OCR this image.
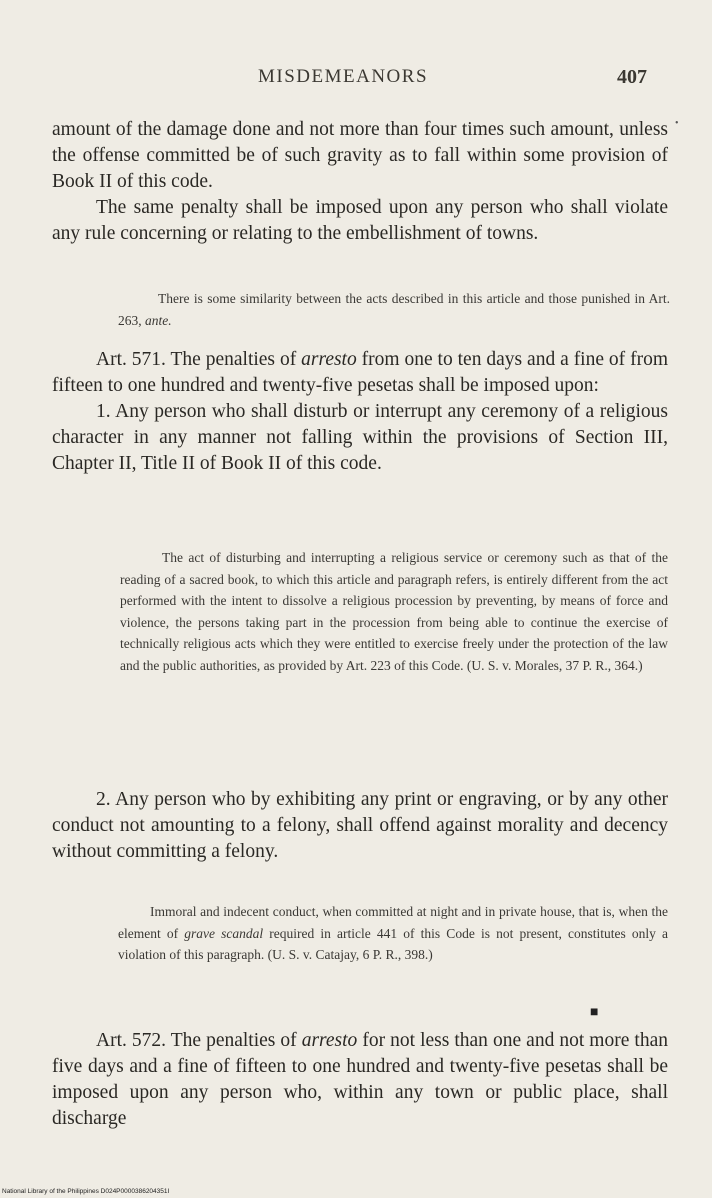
MISDEMEANORS	407

amount of the damage done and not more than four times such amount, unless the offense committed be of such gravity as to fall within some provision of Book II of this code.

The same penalty shall be imposed upon any person who shall violate any rule concerning or relating to the embellishment of towns.

There is some similarity between the acts described in this article and those punished in Art. 263, ante.

Art. 571. The penalties of arresto from one to ten days and a fine of from fifteen to one hundred and twenty-five pesetas shall be imposed upon:

1. Any person who shall disturb or interrupt any ceremony of a religious character in any manner not falling within the provisions of Section III, Chapter II, Title II of Book II of this code.

The act of disturbing and interrupting a religious service or ceremony such as that of the reading of a sacred book, to which this article and paragraph refers, is entirely different from the act performed with the intent to dissolve a religious procession by preventing, by means of force and violence, the persons taking part in the procession from being able to continue the exercise of technically religious acts which they were entitled to exercise freely under the protection of the law and the public authorities, as provided by Art. 223 of this Code. (U. S. v. Morales, 37 P. R., 364.)

2. Any person who by exhibiting any print or engraving, or by any other conduct not amounting to a felony, shall offend against morality and decency without committing a felony.

Immoral and indecent conduct, when committed at night and in private house, that is, when the element of grave scandal required in article 441 of this Code is not present, constitutes only a violation of this paragraph. (U. S. v. Catajay, 6 P. R., 398.)

Art. 572. The penalties of arresto for not less than one and not more than five days and a fine of fifteen to one hundred and twenty-five pesetas shall be imposed upon any person who, within any town or public place, shall discharge

•
■
National Library of the Philippines D024P0000386204351I
